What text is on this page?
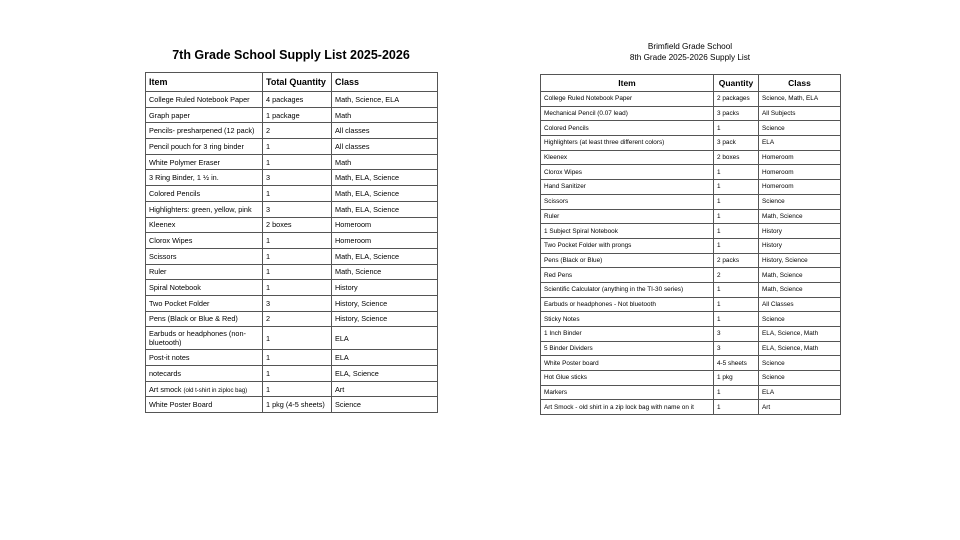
7th Grade School Supply List 2025-2026
Item	Total Quantity	Class
College Ruled Notebook Paper	4 packages	Math, Science, ELA
Graph paper	1 package	Math
Pencils- presharpened (12 pack)	2	All classes
Pencil pouch for 3 ring binder	1	All classes
White Polymer Eraser	1	Math
3 Ring Binder, 1 ½ in.	3	Math, ELA, Science
Colored Pencils	1	Math, ELA, Science
Highlighters: green, yellow, pink	3	Math, ELA, Science
Kleenex	2 boxes	Homeroom
Clorox Wipes	1	Homeroom
Scissors	1	Math, ELA, Science
Ruler	1	Math, Science
Spiral Notebook	1	History
Two Pocket Folder	3	History, Science
Pens (Black or Blue & Red)	2	History, Science
Earbuds or headphones (non-bluetooth)	1	ELA
Post-it notes	1	ELA
notecards	1	ELA, Science
Art smock (old t-shirt in ziploc bag)	1	Art
White Poster Board	1 pkg (4-5 sheets)	Science
Brimfield Grade School
8th Grade 2025-2026 Supply List
Item	Quantity	Class
College Ruled Notebook Paper	2 packages	Science, Math, ELA
Mechanical Pencil (0.07 lead)	3 packs	All Subjects
Colored Pencils	1	Science
Highlighters (at least three different colors)	3 pack	ELA
Kleenex	2 boxes	Homeroom
Clorox Wipes	1	Homeroom
Hand Sanitizer	1	Homeroom
Scissors	1	Science
Ruler	1	Math, Science
1 Subject Spiral Notebook	1	History
Two Pocket Folder with prongs	1	History
Pens (Black or Blue)	2 packs	History, Science
Red Pens	2	Math, Science
Scientific Calculator (anything in the TI-30 series)	1	Math, Science
Earbuds or headphones - Not bluetooth	1	All Classes
Sticky Notes	1	Science
1 Inch Binder	3	ELA, Science, Math
5 Binder Dividers	3	ELA, Science, Math
White Poster board	4-5 sheets	Science
Hot Glue sticks	1 pkg	Science
Markers	1	ELA
Art Smock - old shirt in a zip lock bag with name on it	1	Art
